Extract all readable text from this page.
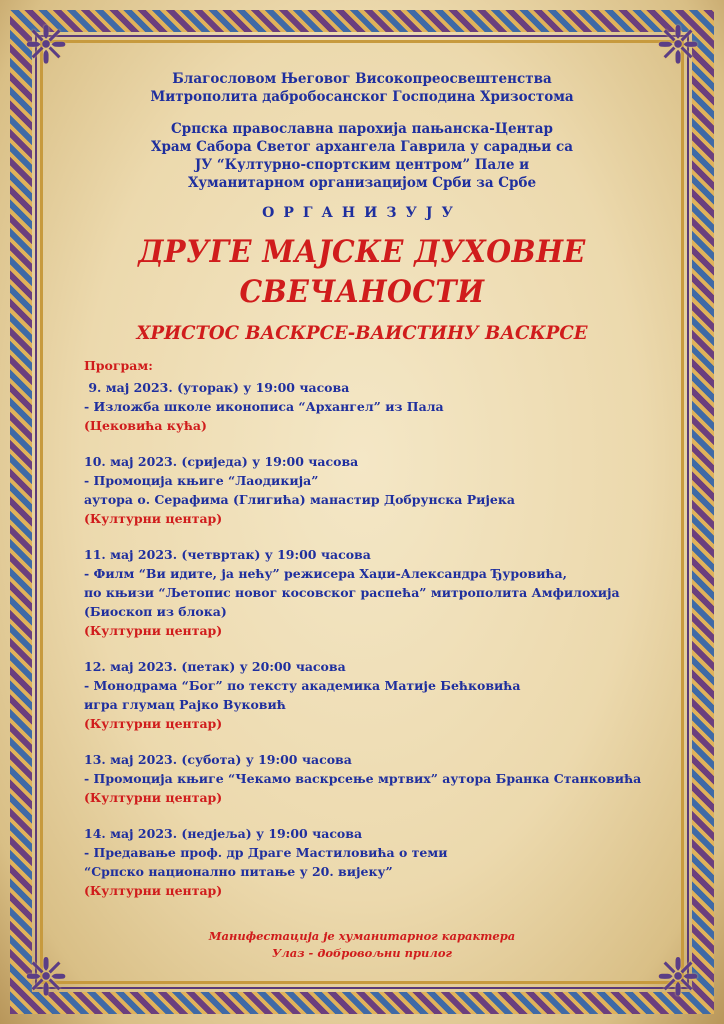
❈	❈
❈	❈

Благословом Његовог Високопреосвештенства

Митрополита дабробосанског Господина Хризостома

Српска православна парохија пањанска-Центар

Храм Сабора Светог архангела Гаврила у сарадњи са

ЈУ “Културно-спортским центром” Пале и

Хуманитарном организацијом Срби за Србе

ОРГАНИЗУЈУ
ДРУГЕ МАЈСКЕ ДУХОВНЕ СВЕЧАНОСТИ
ХРИСТОС ВАСКРСЕ-ВАИСТИНУ ВАСКРСЕ
Програм:
9. мај 2023. (уторак) у 19:00 часова
- Изложба школе иконописа “Архангел” из Пала
(Цековића кућа)
10. мај 2023. (сриједа) у 19:00 часова
- Промоција књиге “Лаодикија”
аутора о. Серафима (Глигића) манастир Добрунска Ријека
(Културни центар)
11. мај 2023. (четвртак) у 19:00 часова
- Филм “Ви идите, ја нећу” режисера Хаџи-Александра Ђуровића,
по књизи “Љетопис новог косовског распећа” митрополита Амфилохија
(Биоскоп из блока)
(Културни центар)
12. мај 2023. (петак) у 20:00 часова
- Монодрама “Бог” по тексту академика Матије Бећковића
игра глумац Рајко Вуковић
(Културни центар)
13. мај 2023. (субота) у 19:00 часова
- Промоција књиге “Чекамо васкрсење мртвих” аутора Бранка Станковића
(Културни центар)
14. мај 2023. (недјеља) у 19:00 часова
- Предавање проф. др Драге Мастиловића о теми
“Српско национално питање у 20. вијеку”
(Културни центар)
Манифестација је хуманитарног карактера
Улаз - добровољни прилог
